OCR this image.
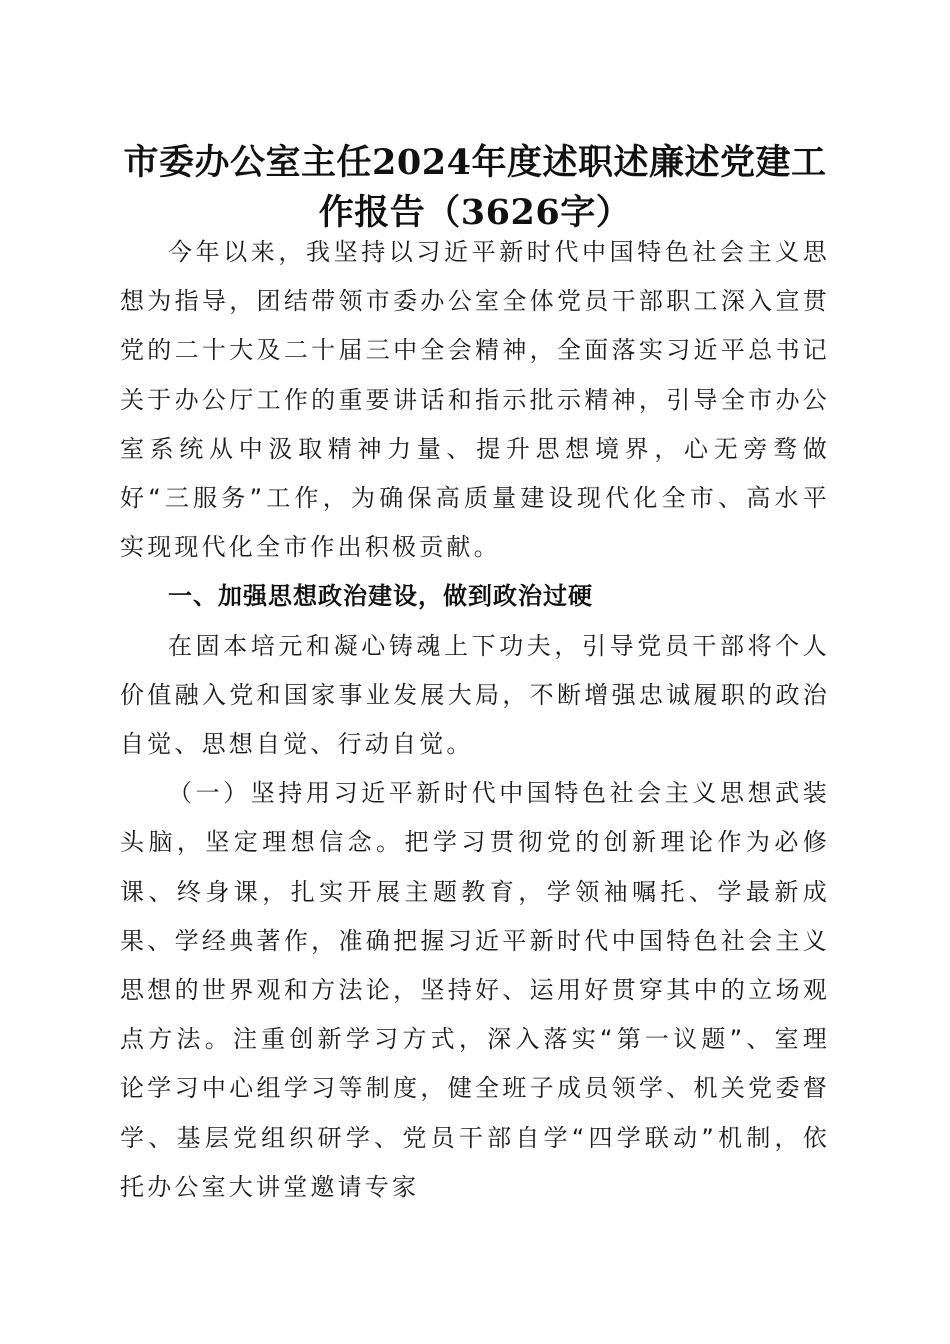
市委办公室主任2024年度述职述廉述党建工
作报告（3626字）

今年以来，我坚持以习近平新时代中国特色社会主义思想为指导，团结带领市委办公室全体党员干部职工深入宣贯党的二十大及二十届三中全会精神，全面落实习近平总书记关于办公厅工作的重要讲话和指示批示精神，引导全市办公室系统从中汲取精神力量、提升思想境界，心无旁骛做好“三服务”工作，为确保高质量建设现代化全市、高水平实现现代化全市作出积极贡献。

一、加强思想政治建设，做到政治过硬

在固本培元和凝心铸魂上下功夫，引导党员干部将个人价值融入党和国家事业发展大局，不断增强忠诚履职的政治自觉、思想自觉、行动自觉。

（一）坚持用习近平新时代中国特色社会主义思想武装头脑，坚定理想信念。把学习贯彻党的创新理论作为必修课、终身课，扎实开展主题教育，学领袖嘱托、学最新成果、学经典著作，准确把握习近平新时代中国特色社会主义思想的世界观和方法论，坚持好、运用好贯穿其中的立场观点方法。注重创新学习方式，深入落实“第一议题”、室理论学习中心组学习等制度，健全班子成员领学、机关党委督学、基层党组织研学、党员干部自学“四学联动”机制，依托办公室大讲堂邀请专家
